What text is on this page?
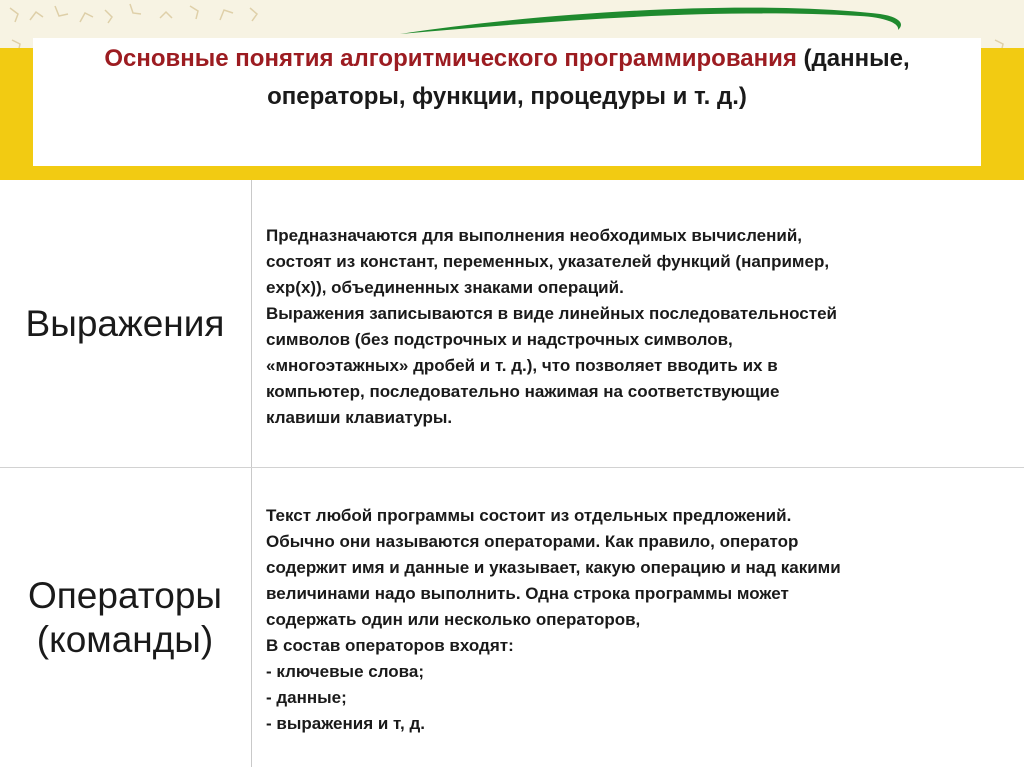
Основные понятия алгоритмического программирования (данные, операторы, функции, процедуры и т. д.)
Выражения

Предназначаются для выполнения необходимых вычислений,

состоят из констант, переменных, указателей функций (например,

exp(x)), объединенных знаками операций.

Выражения записываются в виде линейных последовательностей

символов (без подстрочных и надстрочных символов,

«многоэтажных» дробей и т. д.), что позволяет вводить их в

компьютер, последовательно нажимая на соответствующие

клавиши клавиатуры.

Операторы
(команды)

Текст любой программы состоит из отдельных предложений.

Обычно они называются операторами. Как правило, оператор

содержит имя и данные и указывает, какую операцию и над какими

величинами надо выполнить. Одна строка программы может

содержать один или несколько операторов,

В состав операторов входят:

- ключевые слова;

- данные;

- выражения и т, д.
